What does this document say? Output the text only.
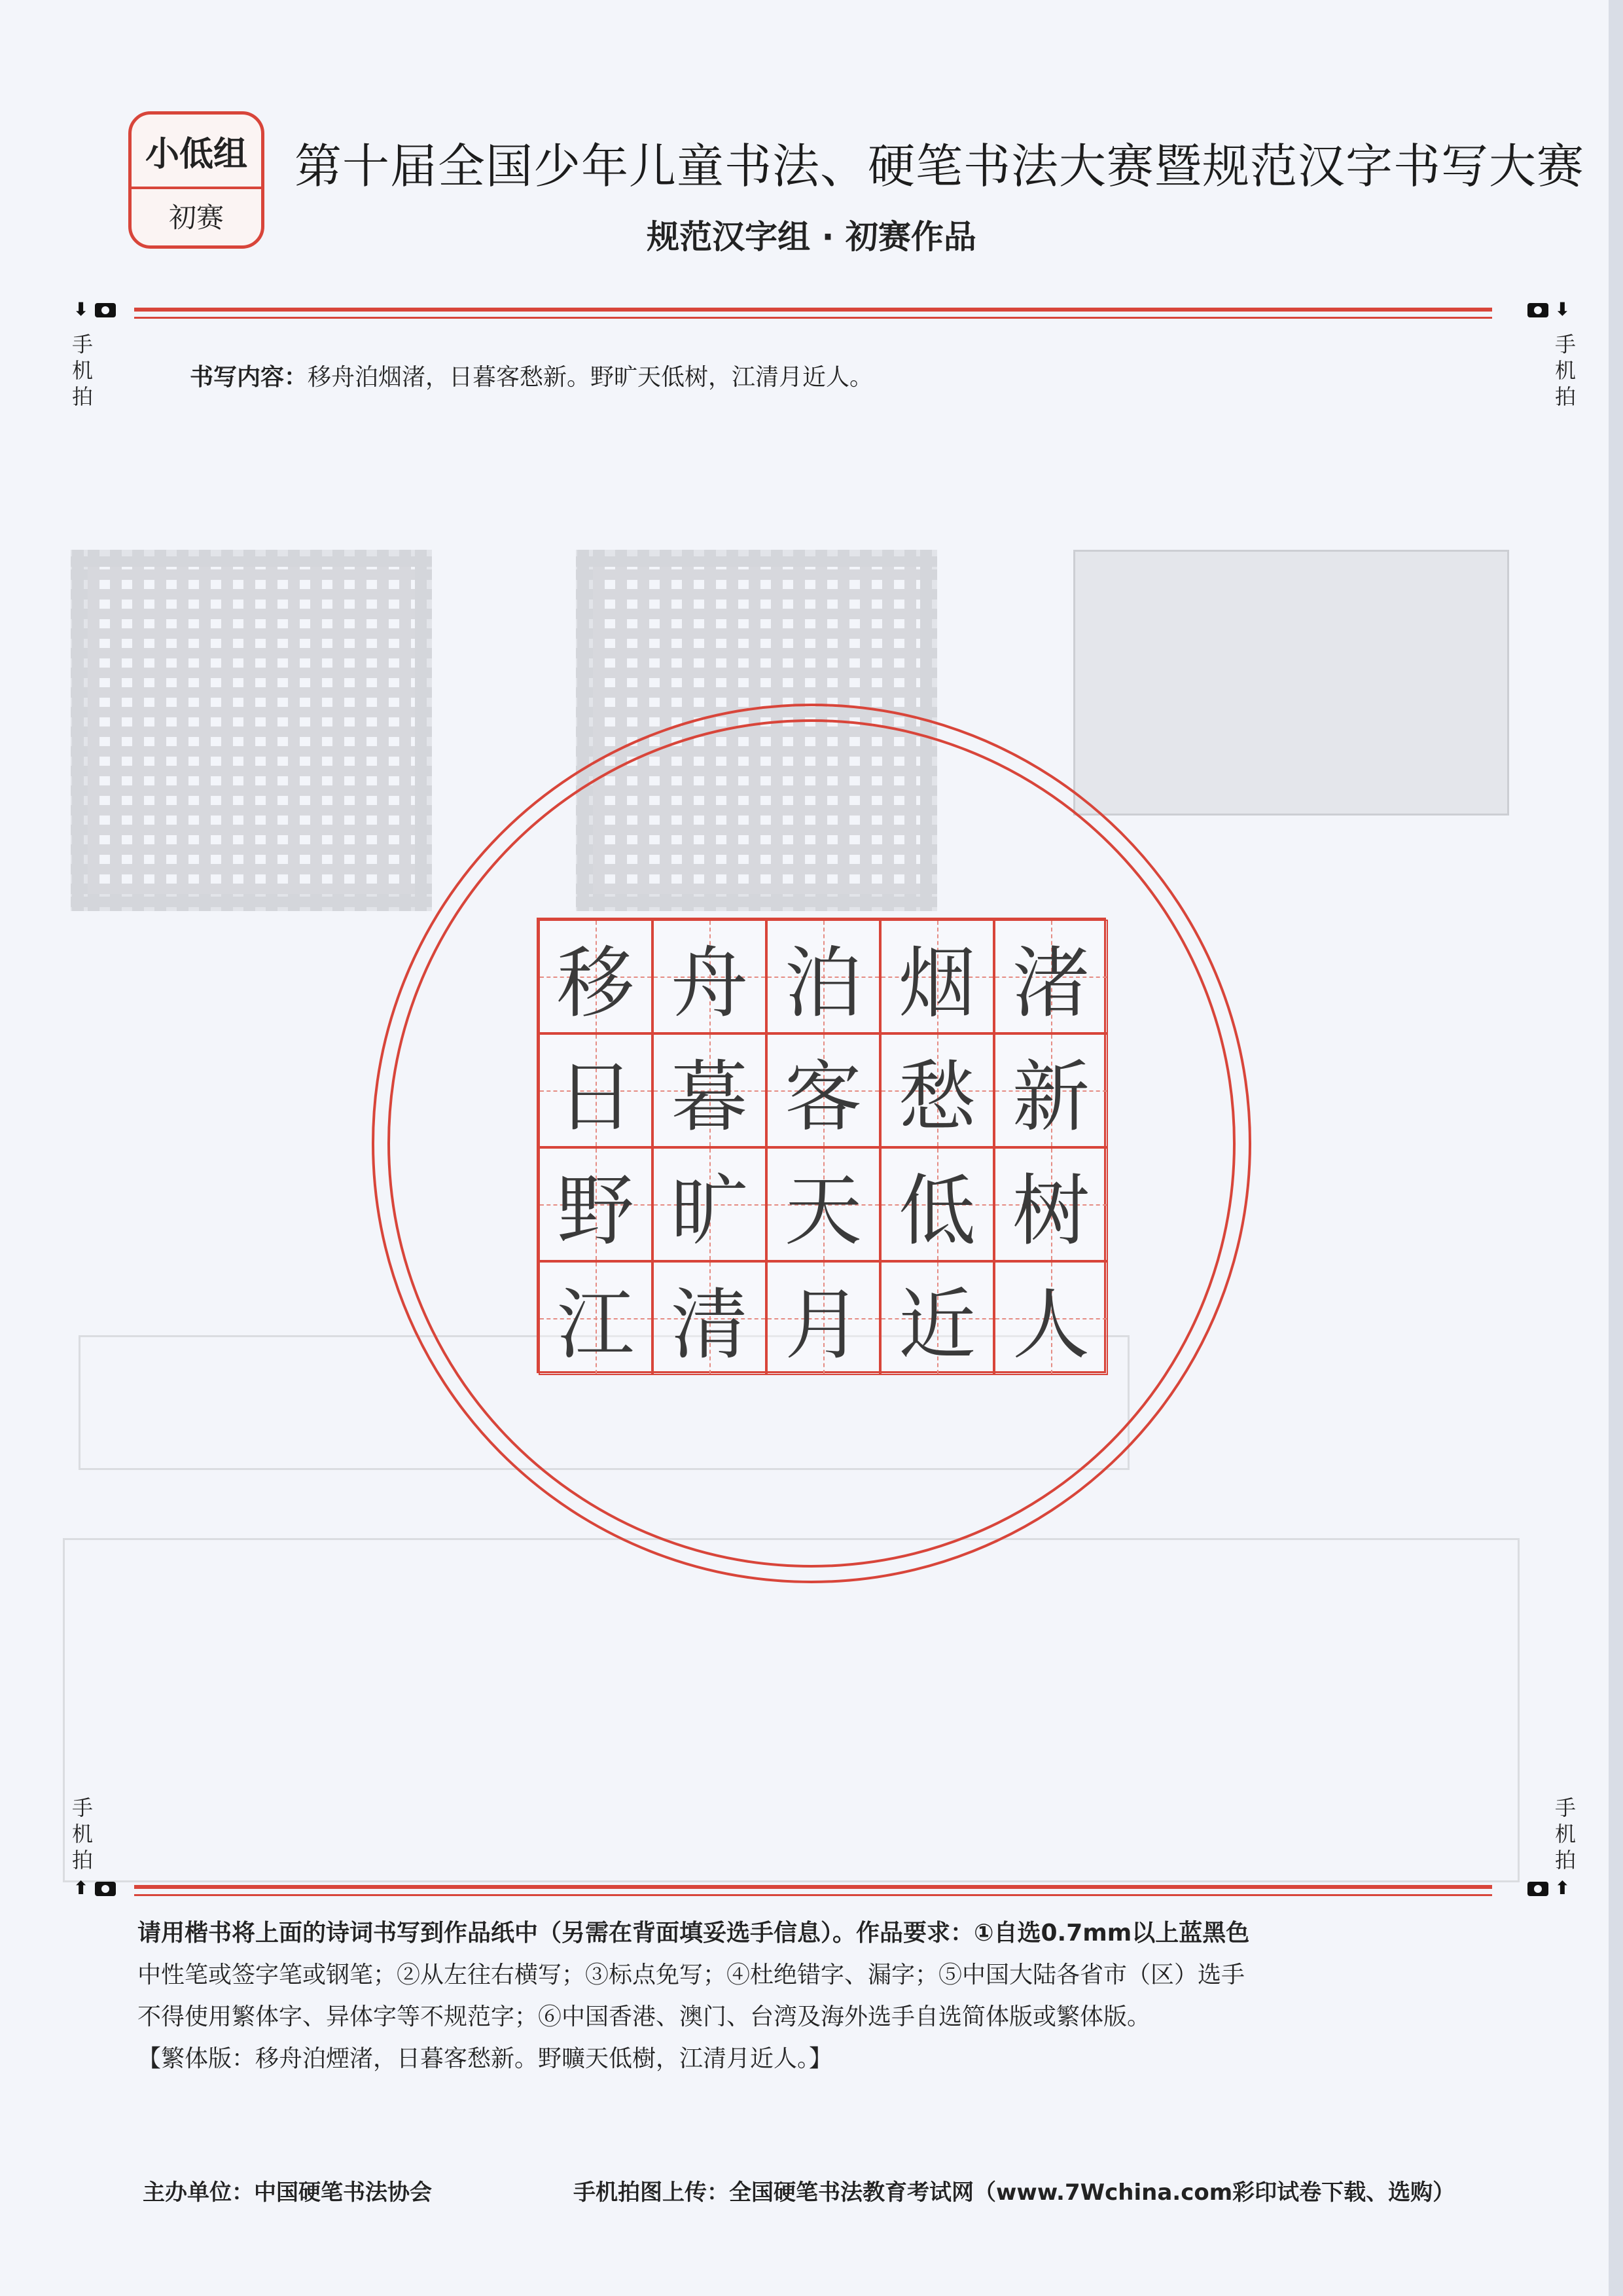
小低组
初赛
第十届全国少年儿童书法、硬笔书法大赛暨规范汉字书写大赛
规范汉字组 · 初赛作品
⬇
手机拍
⬇
手机拍
书写内容：移舟泊烟渚，日暮客愁新。野旷天低树，江清月近人。
移 舟 泊 烟 渚
日 暮 客 愁 新
野 旷 天 低 树
江 清 月 近 人
手机拍
⬆
手机拍
⬆
请用楷书将上面的诗词书写到作品纸中（另需在背面填妥选手信息）。作品要求：①自选0.7mm以上蓝黑色
中性笔或签字笔或钢笔；②从左往右横写；③标点免写；④杜绝错字、漏字；⑤中国大陆各省市（区）选手
不得使用繁体字、异体字等不规范字；⑥中国香港、澳门、台湾及海外选手自选简体版或繁体版。
【繁体版：移舟泊煙渚，日暮客愁新。野曠天低樹，江清月近人。】
主办单位：中国硬笔书法协会	手机拍图上传：全国硬笔书法教育考试网（www.7Wchina.com彩印试卷下载、选购）
